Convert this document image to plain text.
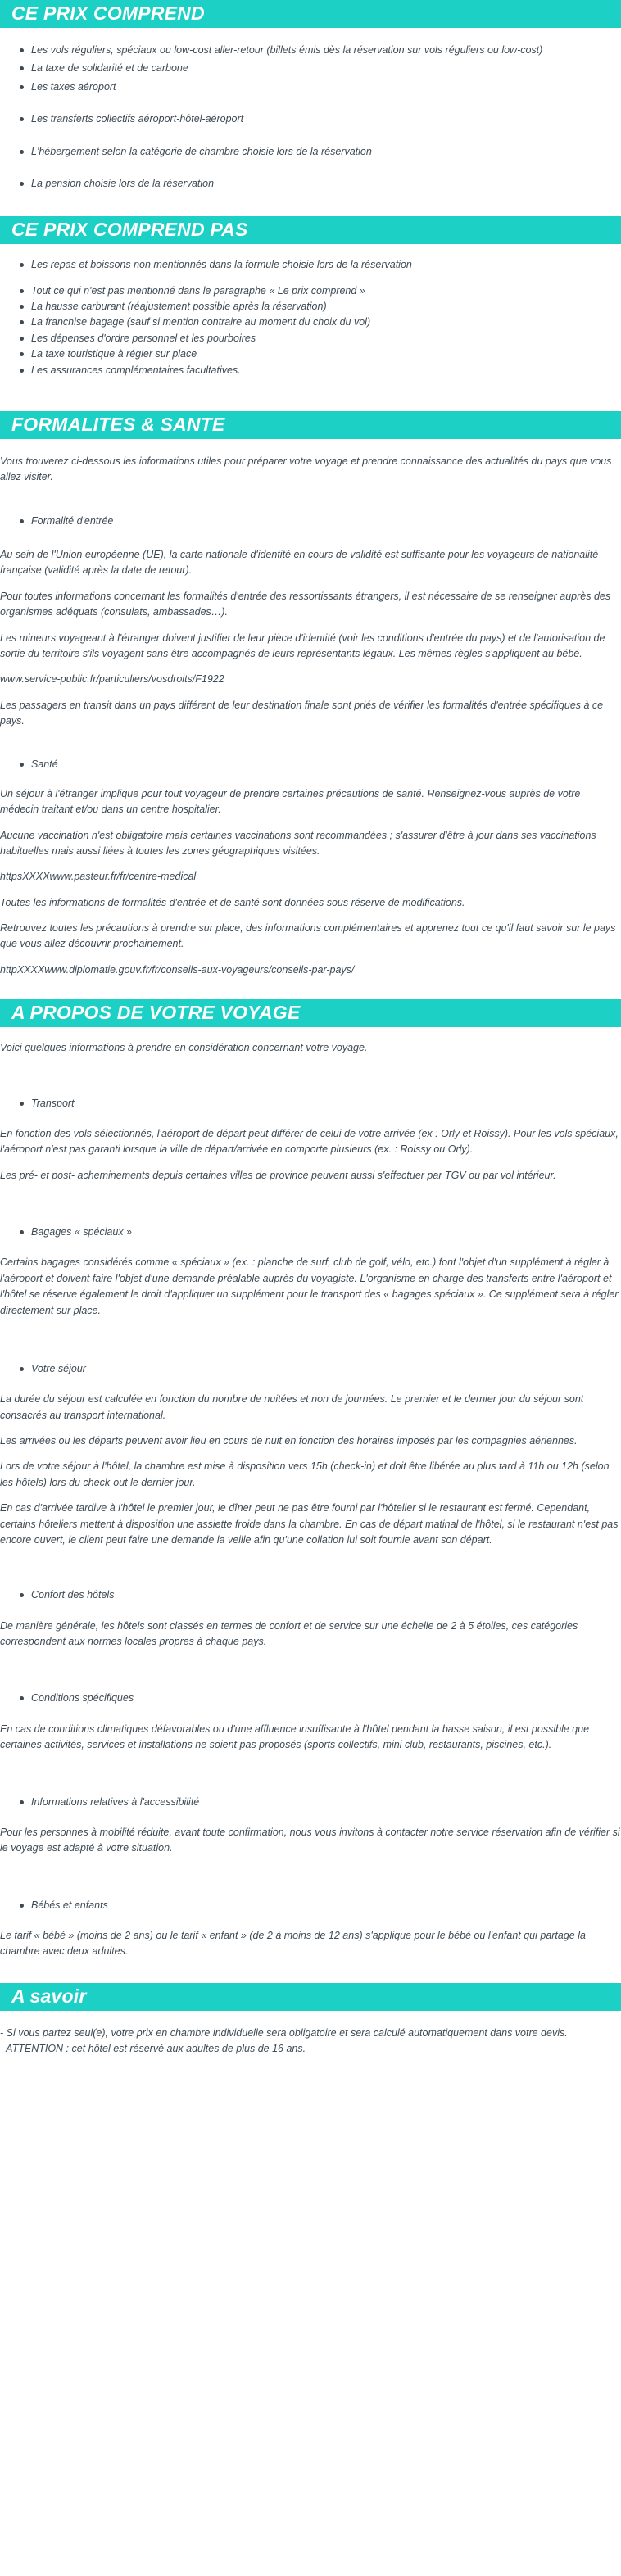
CE PRIX COMPREND
Les vols réguliers, spéciaux ou low-cost aller-retour (billets émis dès la réservation sur vols réguliers ou low-cost)
La taxe de solidarité et de carbone
Les taxes aéroport
Les transferts collectifs aéroport-hôtel-aéroport
L'hébergement selon la catégorie de chambre choisie lors de la réservation
La pension choisie lors de la réservation
CE PRIX COMPREND PAS
Les repas et boissons non mentionnés dans la formule choisie lors de la réservation
Tout ce qui n'est pas mentionné dans le paragraphe « Le prix comprend »
La hausse carburant (réajustement possible après la réservation)
La franchise bagage (sauf si mention contraire au moment du choix du vol)
Les dépenses d'ordre personnel et les pourboires
La taxe touristique à régler sur place
Les assurances complémentaires facultatives.
FORMALITES & SANTE

Vous trouverez ci-dessous les informations utiles pour préparer votre voyage et prendre connaissance des actualités du pays que vous allez visiter.

Formalité d'entrée

Au sein de l'Union européenne (UE), la carte nationale d'identité en cours de validité est suffisante pour les voyageurs de nationalité française (validité après la date de retour).

Pour toutes informations concernant les formalités d'entrée des ressortissants étrangers, il est nécessaire de se renseigner auprès des organismes adéquats (consulats, ambassades…).

Les mineurs voyageant à l'étranger doivent justifier de leur pièce d'identité (voir les conditions d'entrée du pays) et de l'autorisation de sortie du territoire s'ils voyagent sans être accompagnés de leurs représentants légaux. Les mêmes règles s'appliquent au bébé.

www.service-public.fr/particuliers/vosdroits/F1922

Les passagers en transit dans un pays différent de leur destination finale sont priés de vérifier les formalités d'entrée spécifiques à ce pays.

Santé

Un séjour à l'étranger implique pour tout voyageur de prendre certaines précautions de santé. Renseignez-vous auprès de votre médecin traitant et/ou dans un centre hospitalier.

Aucune vaccination n'est obligatoire mais certaines vaccinations sont recommandées ; s'assurer d'être à jour dans ses vaccinations habituelles mais aussi liées à toutes les zones géographiques visitées.

httpsXXXXwww.pasteur.fr/fr/centre-medical

Toutes les informations de formalités d'entrée et de santé sont données sous réserve de modifications.

Retrouvez toutes les précautions à prendre sur place, des informations complémentaires et apprenez tout ce qu'il faut savoir sur le pays que vous allez découvrir prochainement.

httpXXXXwww.diplomatie.gouv.fr/fr/conseils-aux-voyageurs/conseils-par-pays/

A PROPOS DE VOTRE VOYAGE

Voici quelques informations à prendre en considération concernant votre voyage.

Transport

En fonction des vols sélectionnés, l'aéroport de départ peut différer de celui de votre arrivée (ex : Orly et Roissy). Pour les vols spéciaux, l'aéroport n'est pas garanti lorsque la ville de départ/arrivée en comporte plusieurs (ex. : Roissy ou Orly).

Les pré- et post- acheminements depuis certaines villes de province peuvent aussi s'effectuer par TGV ou par vol intérieur.

Bagages « spéciaux »

Certains bagages considérés comme « spéciaux » (ex. : planche de surf, club de golf, vélo, etc.) font l'objet d'un supplément à régler à l'aéroport et doivent faire l'objet d'une demande préalable auprès du voyagiste. L'organisme en charge des transferts entre l'aéroport et l'hôtel se réserve également le droit d'appliquer un supplément pour le transport des « bagages spéciaux ». Ce supplément sera à régler directement sur place.

Votre séjour

La durée du séjour est calculée en fonction du nombre de nuitées et non de journées. Le premier et le dernier jour du séjour sont consacrés au transport international.

Les arrivées ou les départs peuvent avoir lieu en cours de nuit en fonction des horaires imposés par les compagnies aériennes.

Lors de votre séjour à l'hôtel, la chambre est mise à disposition vers 15h (check-in) et doit être libérée au plus tard à 11h ou 12h (selon les hôtels) lors du check-out le dernier jour.

En cas d'arrivée tardive à l'hôtel le premier jour, le dîner peut ne pas être fourni par l'hôtelier si le restaurant est fermé. Cependant, certains hôteliers mettent à disposition une assiette froide dans la chambre. En cas de départ matinal de l'hôtel, si le restaurant n'est pas encore ouvert, le client peut faire une demande la veille afin qu'une collation lui soit fournie avant son départ.

Confort des hôtels

De manière générale, les hôtels sont classés en termes de confort et de service sur une échelle de 2 à 5 étoiles, ces catégories correspondent aux normes locales propres à chaque pays.

Conditions spécifiques

En cas de conditions climatiques défavorables ou d'une affluence insuffisante à l'hôtel pendant la basse saison, il est possible que certaines activités, services et installations ne soient pas proposés (sports collectifs, mini club, restaurants, piscines, etc.).

Informations relatives à l'accessibilité

Pour les personnes à mobilité réduite, avant toute confirmation, nous vous invitons à contacter notre service réservation afin de vérifier si le voyage est adapté à votre situation.

Bébés et enfants

Le tarif « bébé » (moins de 2 ans) ou le tarif « enfant » (de 2 à moins de 12 ans) s'applique pour le bébé ou l'enfant qui partage la chambre avec deux adultes.

A savoir

- Si vous partez seul(e), votre prix en chambre individuelle sera obligatoire et sera calculé automatiquement dans votre devis.

- ATTENTION : cet hôtel est réservé aux adultes de plus de 16 ans.
